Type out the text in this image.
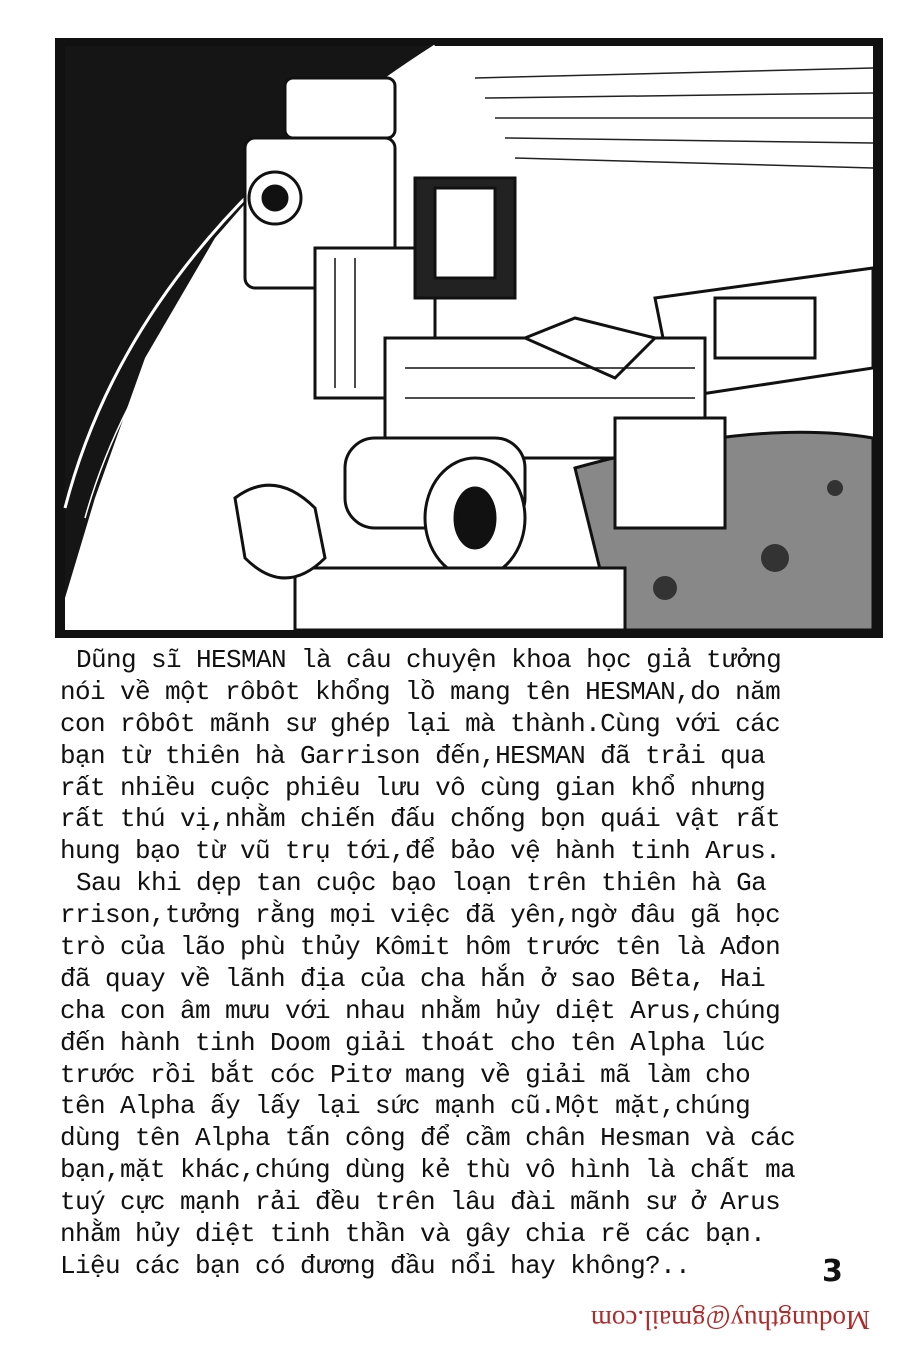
Dũng sĩ HESMAN là câu chuyện khoa học giả tưởng
nói về một rôbôt khổng lồ mang tên HESMAN,do năm
con rôbôt mãnh sư ghép lại mà thành.Cùng với các
bạn từ thiên hà Garrison đến,HESMAN đã trải qua
rất nhiều cuộc phiêu lưu vô cùng gian khổ nhưng
rất thú vị,nhằm chiến đấu chống bọn quái vật rất
hung bạo từ vũ trụ tới,để bảo vệ hành tinh Arus.
Sau khi dẹp tan cuộc bạo loạn trên thiên hà Ga
rrison,tưởng rằng mọi việc đã yên,ngờ đâu gã học
trò của lão phù thủy Kômit hôm trước tên là Ađon
đã quay về lãnh địa của cha hắn ở sao Bêta, Hai
cha con âm mưu với nhau nhằm hủy diệt Arus,chúng
đến hành tinh Doom giải thoát cho tên Alpha lúc
trước rồi bắt cóc Pitơ mang về giải mã làm cho
tên Alpha ấy lấy lại sức mạnh cũ.Một mặt,chúng
dùng tên Alpha tấn công để cầm chân Hesman và các
bạn,mặt khác,chúng dùng kẻ thù vô hình là chất ma
tuý cực mạnh rải đều trên lâu đài mãnh sư ở Arus
nhằm hủy diệt tinh thần và gây chia rẽ các bạn.
Liệu các bạn có đương đầu nổi hay không?..	3
Modungthuy@gmail.com
